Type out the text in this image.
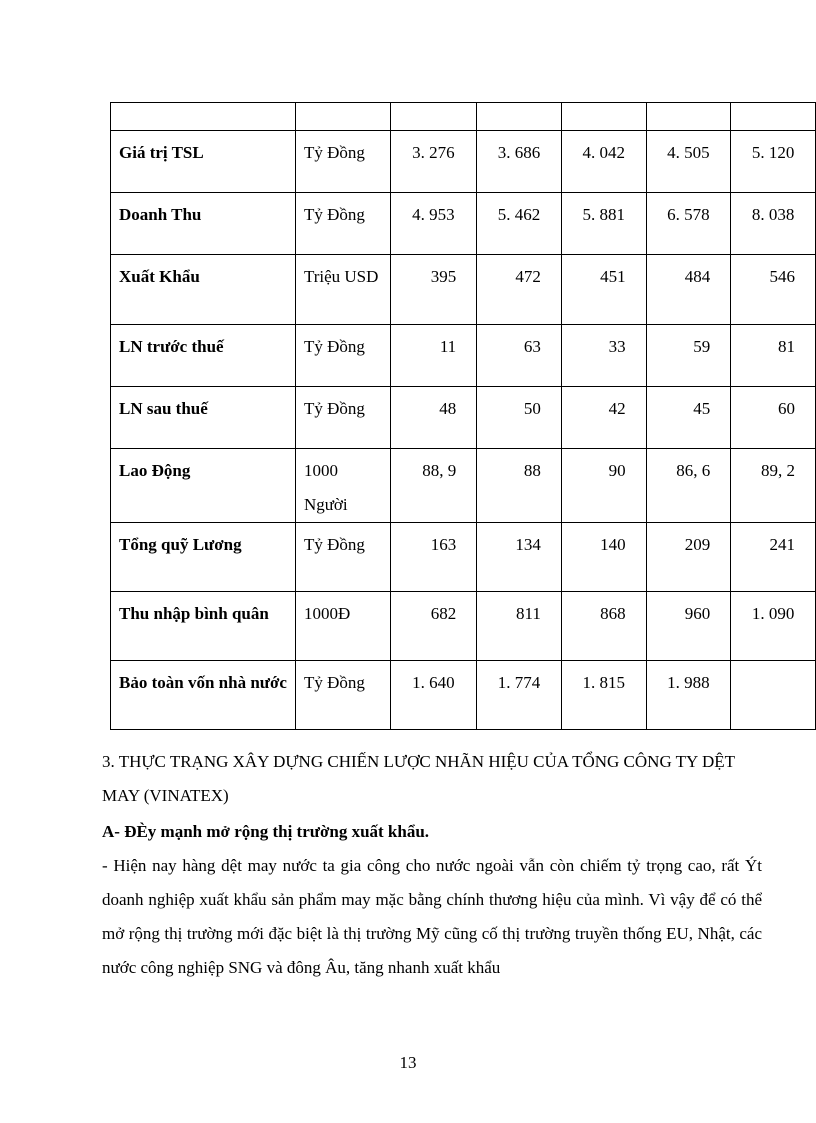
Giá trị TSL	Tỷ Đồng	3. 276	3. 686	4. 042	4. 505	5. 120
Doanh Thu	Tỷ Đồng	4. 953	5. 462	5. 881	6. 578	8. 038
Xuất Khẩu	Triệu USD	395	472	451	484	546
LN trước thuế	Tỷ Đồng	11	63	33	59	81
LN sau thuế	Tỷ Đồng	48	50	42	45	60
Lao Động	1000 Người	88, 9	88	90	86, 6	89, 2
Tổng quỹ Lương	Tỷ Đồng	163	134	140	209	241
Thu nhập bình quân	1000Đ	682	811	868	960	1. 090
Bảo toàn vốn nhà nước	Tỷ Đồng	1. 640	1. 774	1. 815	1. 988	
3. THỰC TRẠNG XÂY DỰNG CHIẾN LƯỢC NHÃN HIỆU CỦA TỔNG CÔNG TY DỆT MAY (VINATEX)
A- ĐÈy mạnh mở rộng thị trường xuất khẩu.
- Hiện nay hàng dệt may nước ta gia công cho nước ngoài vẫn còn chiếm tỷ trọng cao, rất Ýt doanh nghiệp xuất khẩu sản phẩm may mặc bằng chính thương hiệu của mình. Vì vậy để có thể mở rộng thị trường mới đặc biệt là thị trường Mỹ cũng cố thị trường truyền thống EU, Nhật, các nước công nghiệp SNG và đông Âu, tăng nhanh xuất khẩu
13
